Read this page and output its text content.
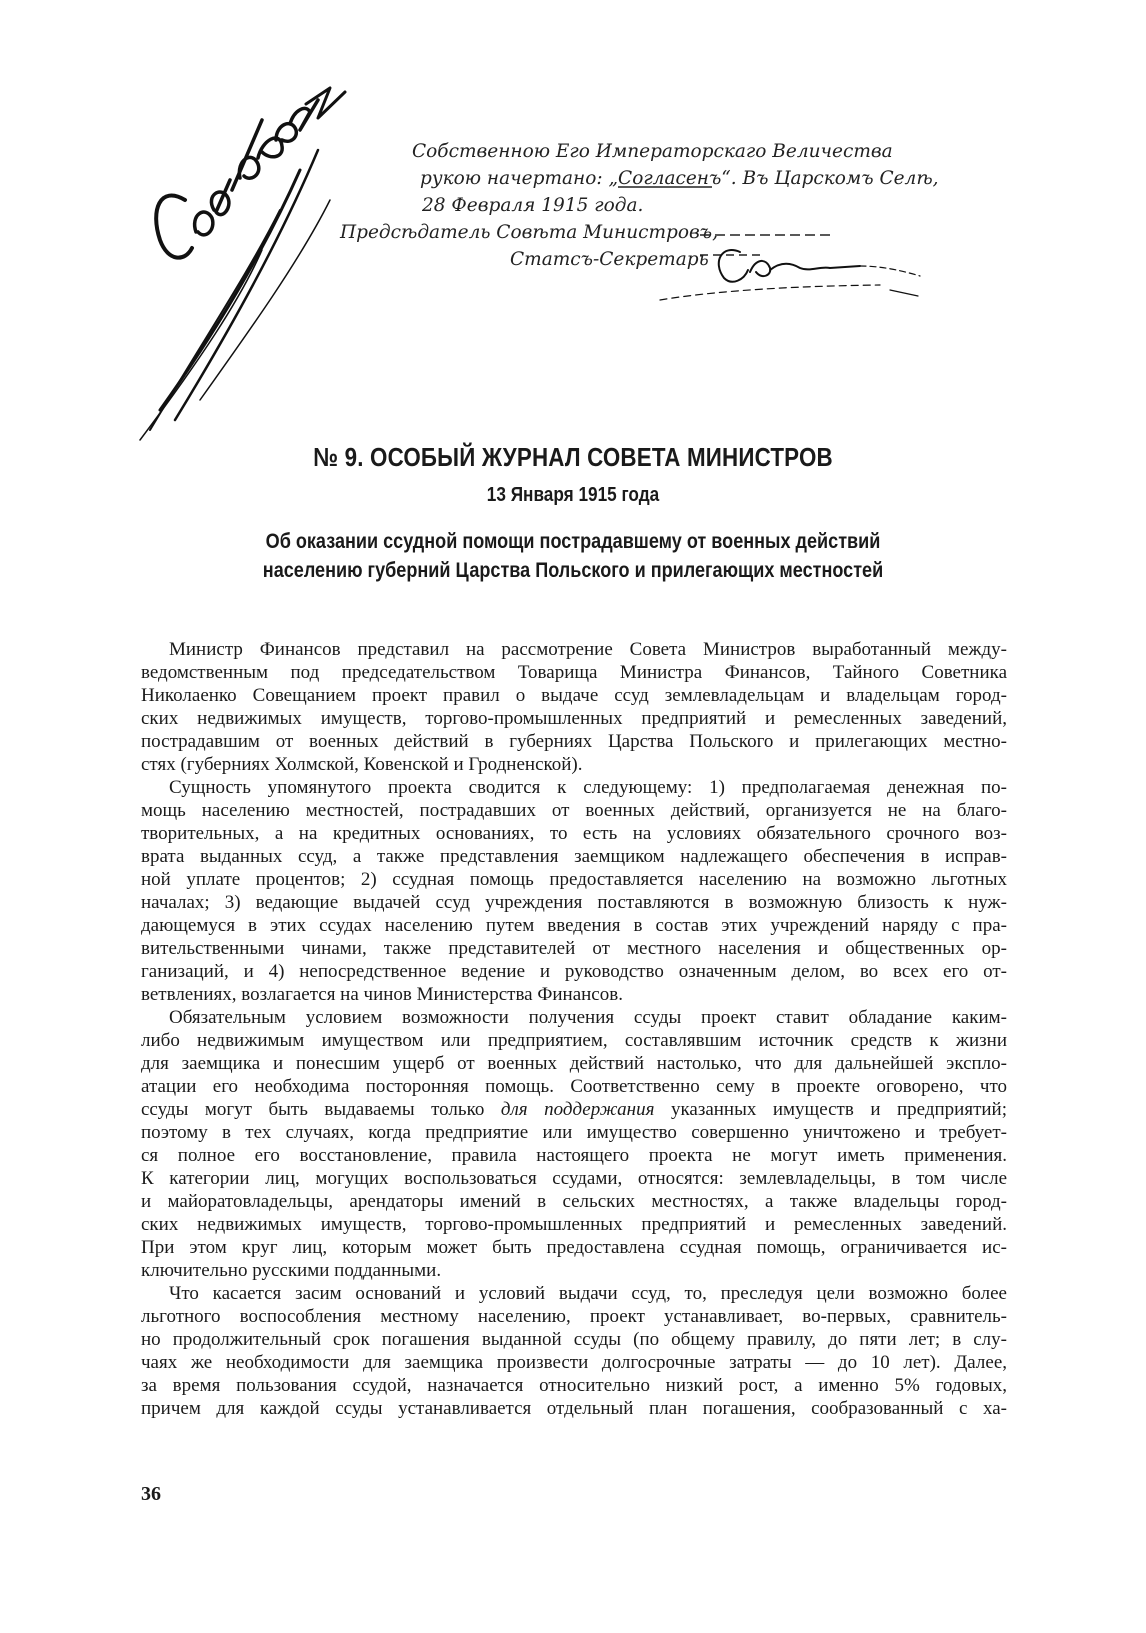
Собственною Его Императорскаго Величества
рукою начертано: „Согласенъ“. Въ Царскомъ Селѣ,
28 Февраля 1915 года.
Предсѣдатель Совѣта Министровъ,
Статсъ-Секретарь
№ 9. ОСОБЫЙ ЖУРНАЛ СОВЕТА МИНИСТРОВ
13 Января 1915 года
Об оказании ссудной помощи пострадавшему от военных действий
населению губерний Царства Польского и прилегающих местностей
Министр Финансов представил на рассмотрение Совета Министров выработанный между-
ведомственным под председательством Товарища Министра Финансов, Тайного Советника
Николаенко Совещанием проект правил о выдаче ссуд землевладельцам и владельцам город-
ских недвижимых имуществ, торгово-промышленных предприятий и ремесленных заведений,
пострадавшим от военных действий в губерниях Царства Польского и прилегающих местно-
стях (губерниях Холмской, Ковенской и Гродненской).
Сущность упомянутого проекта сводится к следующему: 1) предполагаемая денежная по-
мощь населению местностей, пострадавших от военных действий, организуется не на благо-
творительных, а на кредитных основаниях, то есть на условиях обязательного срочного воз-
врата выданных ссуд, а также представления заемщиком надлежащего обеспечения в исправ-
ной уплате процентов; 2) ссудная помощь предоставляется населению на возможно льготных
началах; 3) ведающие выдачей ссуд учреждения поставляются в возможную близость к нуж-
дающемуся в этих ссудах населению путем введения в состав этих учреждений наряду с пра-
вительственными чинами, также представителей от местного населения и общественных ор-
ганизаций, и 4) непосредственное ведение и руководство означенным делом, во всех его от-
ветвлениях, возлагается на чинов Министерства Финансов.
Обязательным условием возможности получения ссуды проект ставит обладание каким-
либо недвижимым имуществом или предприятием, составлявшим источник средств к жизни
для заемщика и понесшим ущерб от военных действий настолько, что для дальнейшей экспло-
атации его необходима посторонняя помощь. Соответственно сему в проекте оговорено, что
ссуды могут быть выдаваемы только для поддержания указанных имуществ и предприятий;
поэтому в тех случаях, когда предприятие или имущество совершенно уничтожено и требует-
ся полное его восстановление, правила настоящего проекта не могут иметь применения.
К категории лиц, могущих воспользоваться ссудами, относятся: землевладельцы, в том числе
и майоратовладельцы, арендаторы имений в сельских местностях, а также владельцы город-
ских недвижимых имуществ, торгово-промышленных предприятий и ремесленных заведений.
При этом круг лиц, которым может быть предоставлена ссудная помощь, ограничивается ис-
ключительно русскими подданными.
Что касается засим оснований и условий выдачи ссуд, то, преследуя цели возможно более
льготного воспособления местному населению, проект устанавливает, во-первых, сравнитель-
но продолжительный срок погашения выданной ссуды (по общему правилу, до пяти лет; в слу-
чаях же необходимости для заемщика произвести долгосрочные затраты — до 10 лет). Далее,
за время пользования ссудой, назначается относительно низкий рост, а именно 5% годовых,
причем для каждой ссуды устанавливается отдельный план погашения, сообразованный с ха-
36
